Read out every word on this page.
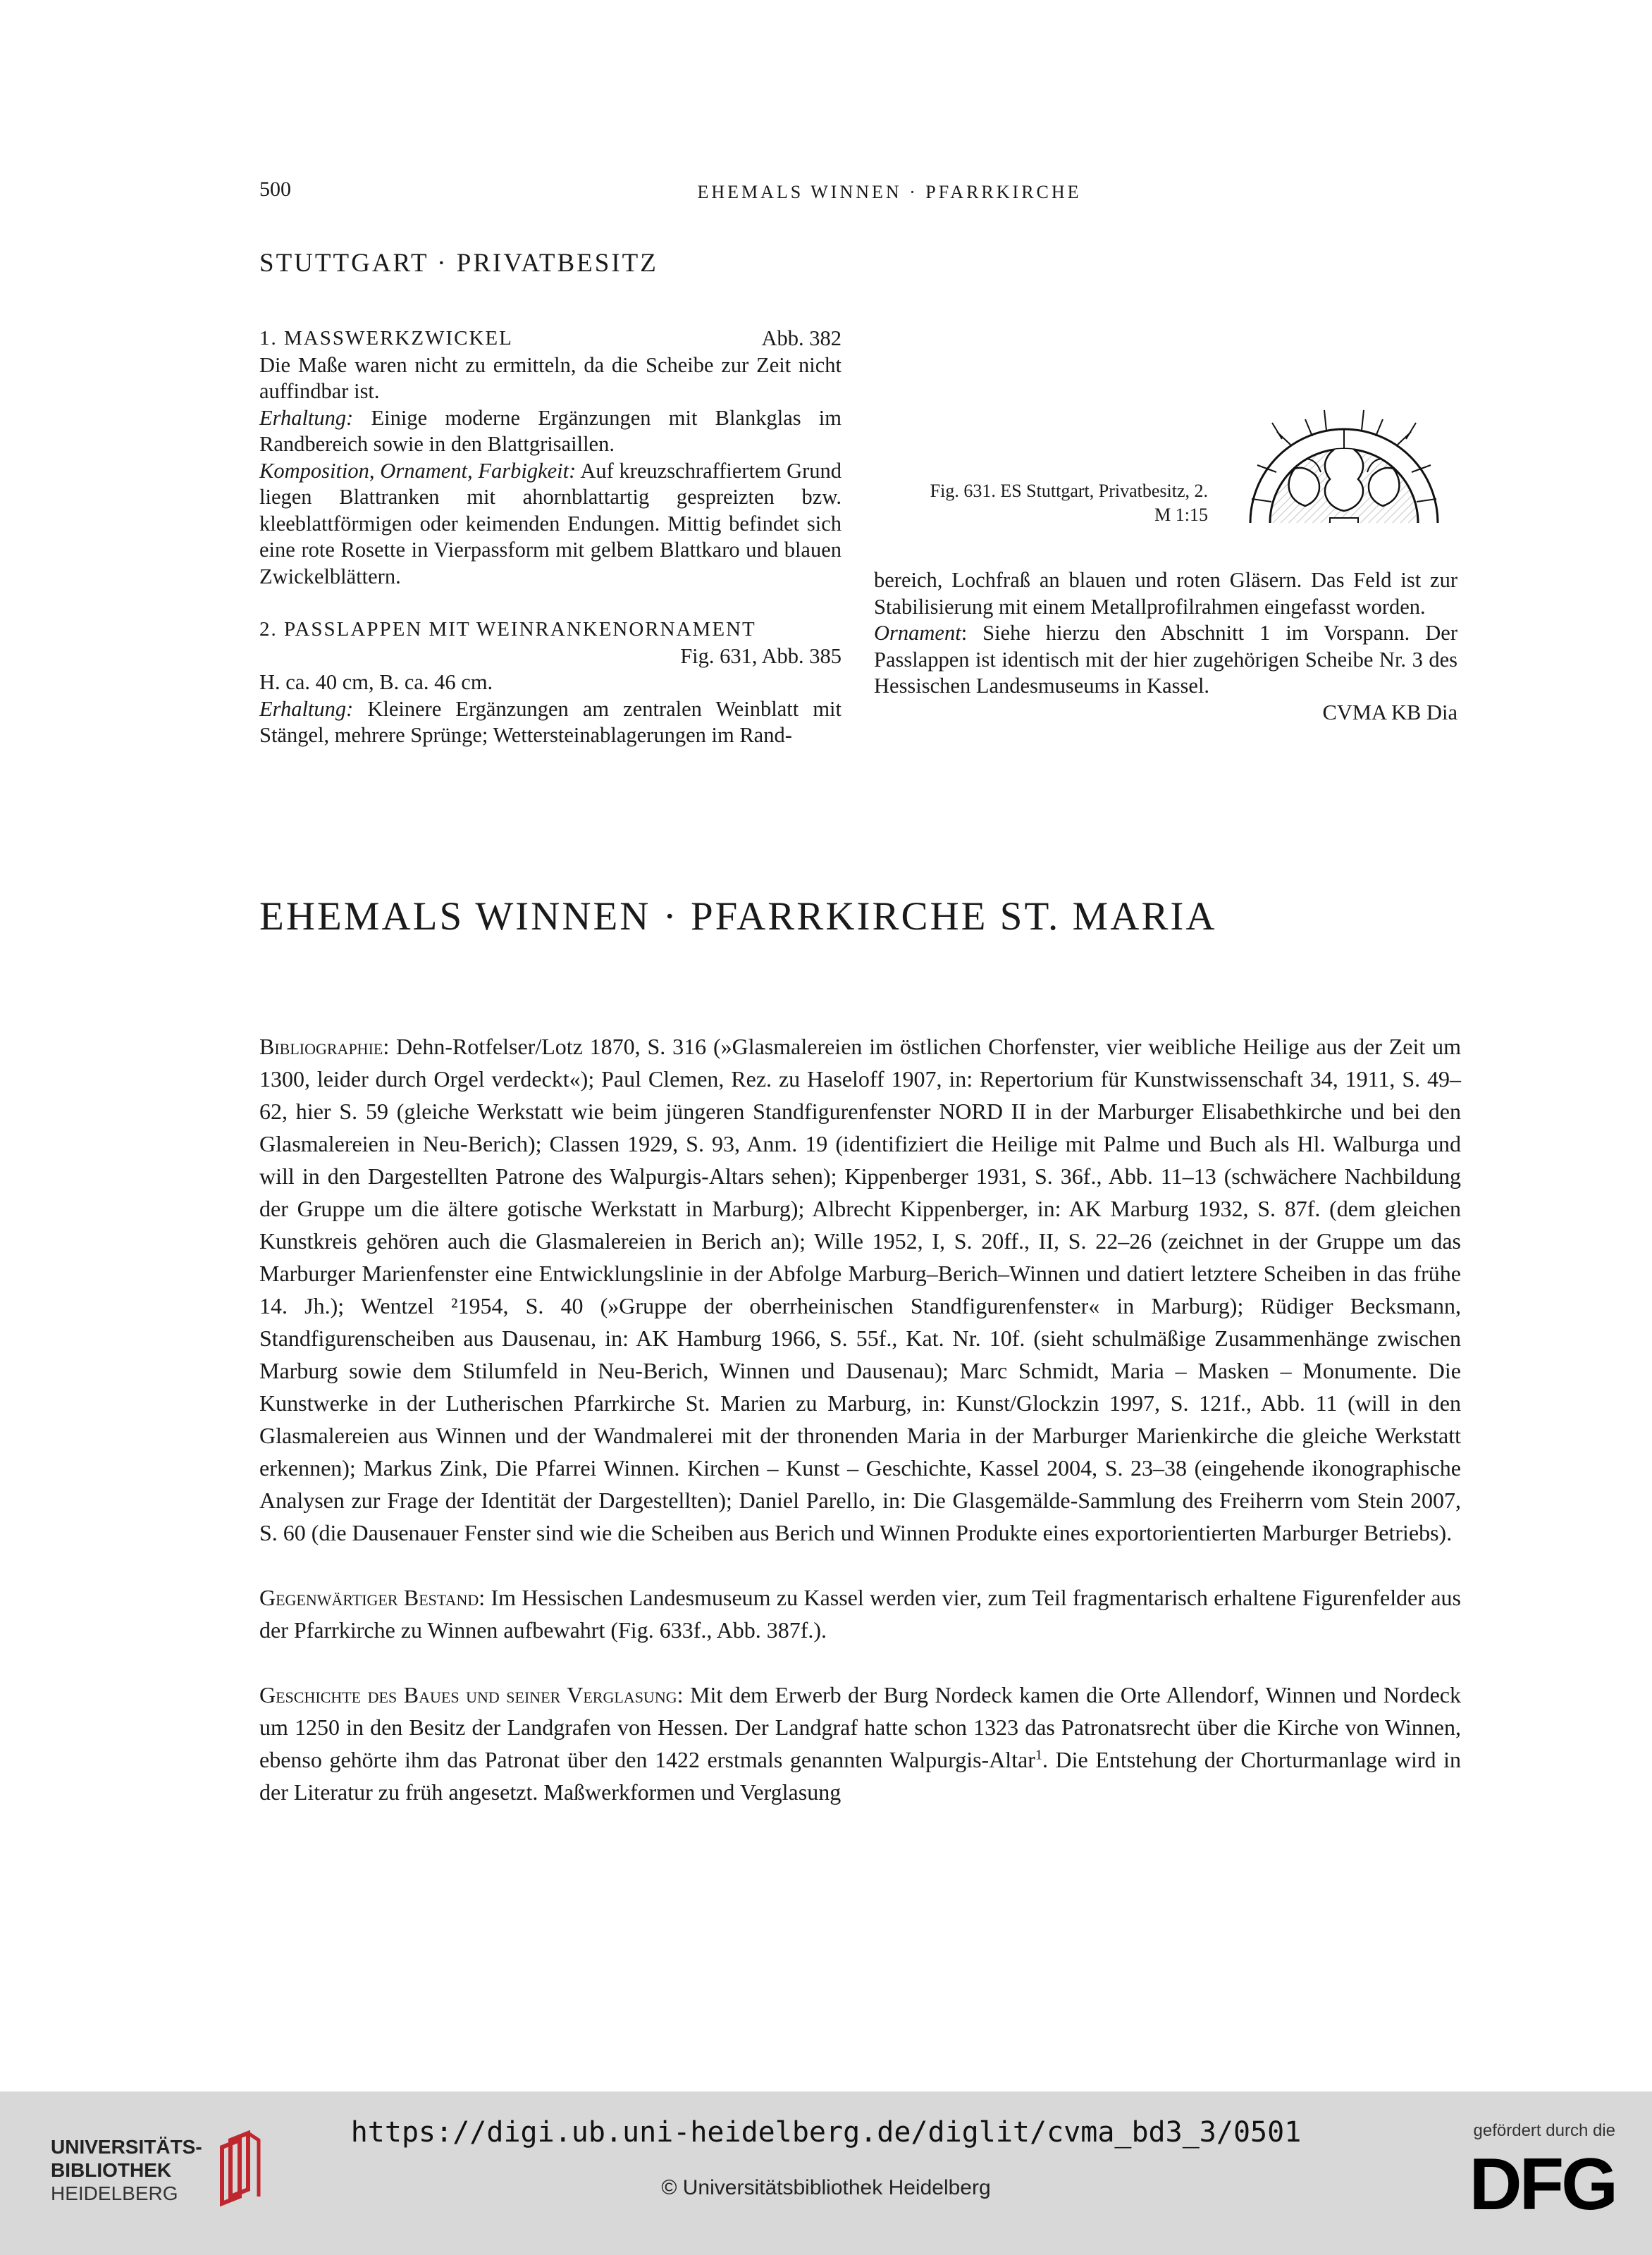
500	EHEMALS WINNEN · PFARRKIRCHE
STUTTGART · PRIVATBESITZ
1. MASSWERKZWICKEL	Abb. 382

Die Maße waren nicht zu ermitteln, da die Scheibe zur Zeit nicht auffindbar ist.

Erhaltung: Einige moderne Ergänzungen mit Blankglas im Randbereich sowie in den Blattgrisaillen.

Komposition, Ornament, Farbigkeit: Auf kreuzschraffiertem Grund liegen Blattranken mit ahornblattartig gespreizten bzw. kleeblattförmigen oder keimenden Endungen. Mittig befindet sich eine rote Rosette in Vierpassform mit gelbem Blattkaro und blauen Zwickelblättern.

2. PASSLAPPEN MIT WEINRANKENORNAMENT
Fig. 631, Abb. 385

H. ca. 40 cm, B. ca. 46 cm.

Erhaltung: Kleinere Ergänzungen am zentralen Weinblatt mit Stängel, mehrere Sprünge; Wettersteinablagerungen im Rand-

Fig. 631. ES Stuttgart, Privatbesitz, 2.
M 1:15

bereich, Lochfraß an blauen und roten Gläsern. Das Feld ist zur Stabilisierung mit einem Metallprofilrahmen eingefasst worden.

Ornament: Siehe hierzu den Abschnitt 1 im Vorspann. Der Passlappen ist identisch mit der hier zugehörigen Scheibe Nr. 3 des Hessischen Landesmuseums in Kassel.

CVMA KB Dia
EHEMALS WINNEN · PFARRKIRCHE ST. MARIA

Bibliographie: Dehn-Rotfelser/Lotz 1870, S. 316 (»Glasmalereien im östlichen Chorfenster, vier weibliche Heilige aus der Zeit um 1300, leider durch Orgel verdeckt«); Paul Clemen, Rez. zu Haseloff 1907, in: Repertorium für Kunstwissenschaft 34, 1911, S. 49–62, hier S. 59 (gleiche Werkstatt wie beim jüngeren Standfigurenfenster NORD II in der Marburger Elisabethkirche und bei den Glasmalereien in Neu-Berich); Classen 1929, S. 93, Anm. 19 (identifiziert die Heilige mit Palme und Buch als Hl. Walburga und will in den Dargestellten Patrone des Walpurgis-Altars sehen); Kippenberger 1931, S. 36f., Abb. 11–13 (schwächere Nachbildung der Gruppe um die ältere gotische Werkstatt in Marburg); Albrecht Kippenberger, in: AK Marburg 1932, S. 87f. (dem gleichen Kunstkreis gehören auch die Glasmalereien in Berich an); Wille 1952, I, S. 20ff., II, S. 22–26 (zeichnet in der Gruppe um das Marburger Marienfenster eine Entwicklungslinie in der Abfolge Marburg–Berich–Winnen und datiert letztere Scheiben in das frühe 14. Jh.); Wentzel ²1954, S. 40 (»Gruppe der oberrheinischen Standfigurenfenster« in Marburg); Rüdiger Becksmann, Standfigurenscheiben aus Dausenau, in: AK Hamburg 1966, S. 55f., Kat. Nr. 10f. (sieht schulmäßige Zusammenhänge zwischen Marburg sowie dem Stilumfeld in Neu-Berich, Winnen und Dausenau); Marc Schmidt, Maria – Masken – Monumente. Die Kunstwerke in der Lutherischen Pfarrkirche St. Marien zu Marburg, in: Kunst/Glockzin 1997, S. 121f., Abb. 11 (will in den Glasmalereien aus Winnen und der Wandmalerei mit der thronenden Maria in der Marburger Marienkirche die gleiche Werkstatt erkennen); Markus Zink, Die Pfarrei Winnen. Kirchen – Kunst – Geschichte, Kassel 2004, S. 23–38 (eingehende ikonographische Analysen zur Frage der Identität der Dargestellten); Daniel Parello, in: Die Glasgemälde-Sammlung des Freiherrn vom Stein 2007, S. 60 (die Dausenauer Fenster sind wie die Scheiben aus Berich und Winnen Produkte eines exportorientierten Marburger Betriebs).

Gegenwärtiger Bestand: Im Hessischen Landesmuseum zu Kassel werden vier, zum Teil fragmentarisch erhaltene Figurenfelder aus der Pfarrkirche zu Winnen aufbewahrt (Fig. 633f., Abb. 387f.).

Geschichte des Baues und seiner Verglasung: Mit dem Erwerb der Burg Nordeck kamen die Orte Allendorf, Winnen und Nordeck um 1250 in den Besitz der Landgrafen von Hessen. Der Landgraf hatte schon 1323 das Patronatsrecht über die Kirche von Winnen, ebenso gehörte ihm das Patronat über den 1422 erstmals genannten Walpurgis-Altar$^1$. Die Entstehung der Chorturmanlage wird in der Literatur zu früh angesetzt. Maßwerkformen und Verglasung

UNIVERSITÄTS-
BIBLIOTHEK
HEIDELBERG
https://digi.ub.uni-heidelberg.de/diglit/cvma_bd3_3/0501
© Universitätsbibliothek Heidelberg
gefördert durch die
DFG
